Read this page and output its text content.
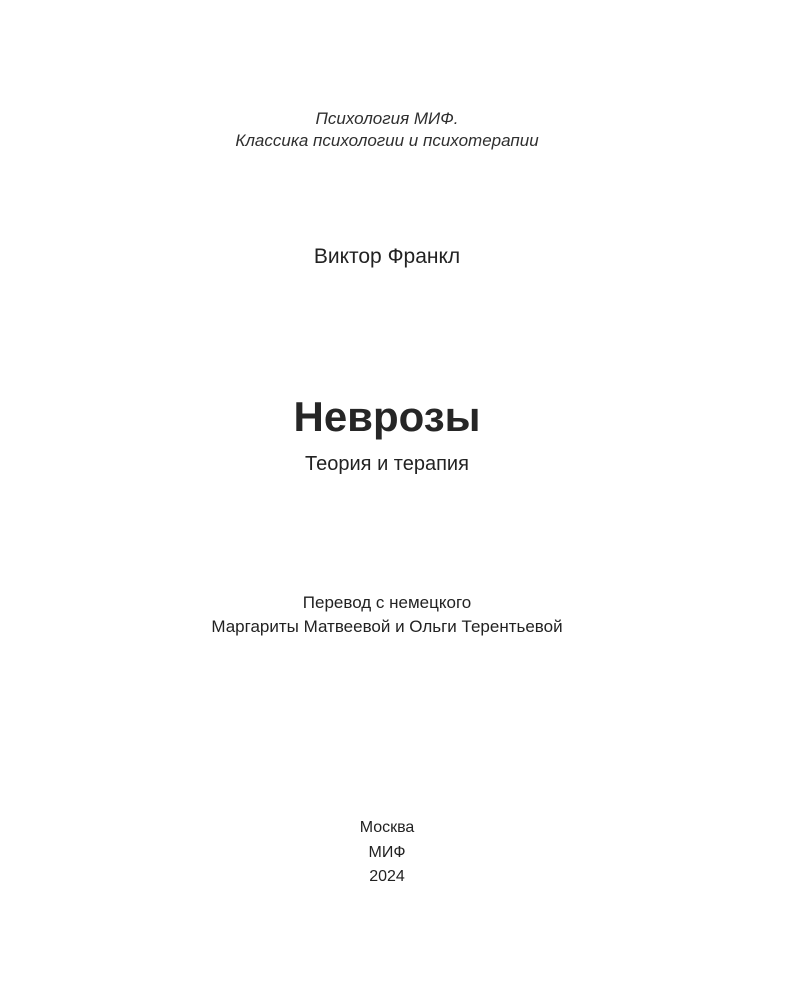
Психология МИФ.
Классика психологии и психотерапии
Виктор Франкл
Неврозы
Теория и терапия
Перевод с немецкого
Маргариты Матвеевой и Ольги Терентьевой
Москва
МИФ
2024
